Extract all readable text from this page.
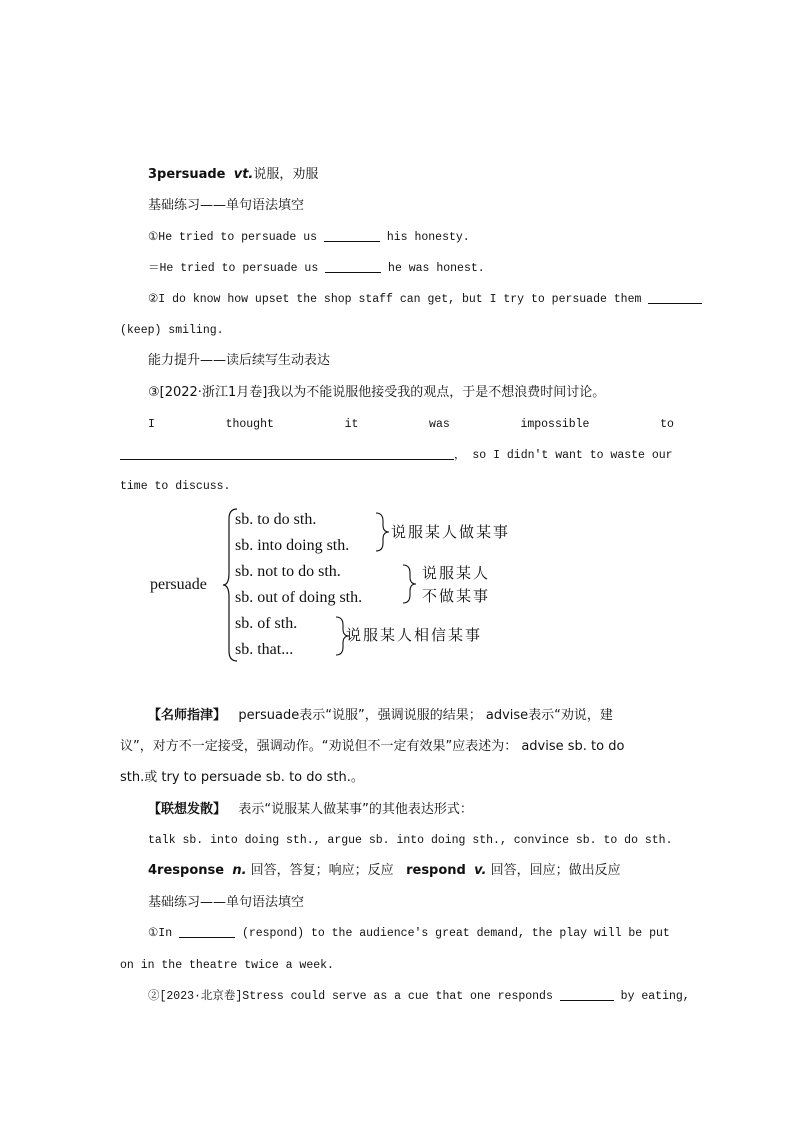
3persuade vt.说服，劝服
基础练习——单句语法填空
①He tried to persuade us	his honesty.
＝He tried to persuade us	he was honest.
②I do know how upset the shop staff can get, but I try to persuade them
(keep) smiling.
能力提升——读后续写生动表达
③[2022·浙江1月卷]我以为不能说服他接受我的观点，于是不想浪费时间讨论。
I	thought	it	was	impossible	to
， so I didn't want to waste our
time to discuss.
persuade
sb. to do sth.
sb. into doing sth.
说服某人做某事
sb. not to do sth.
sb. out of doing sth.
说服某人
不做某事
sb. of sth.
sb. that...
说服某人相信某事
【名师指津】 persuade表示“说服”，强调说服的结果； advise表示“劝说，建
议”，对方不一定接受，强调动作。“劝说但不一定有效果”应表述为： advise sb. to do
sth.或 try to persuade sb. to do sth.。
【联想发散】 表示“说服某人做某事”的其他表达形式：
talk sb. into doing sth., argue sb. into doing sth., convince sb. to do sth.
4response n. 回答，答复；响应；反应 respond v. 回答，回应；做出反应
基础练习——单句语法填空
①In	(respond) to the audience's great demand, the play will be put
on in the theatre twice a week.
②[2023·北京卷]Stress could serve as a cue that one responds	by eating,
